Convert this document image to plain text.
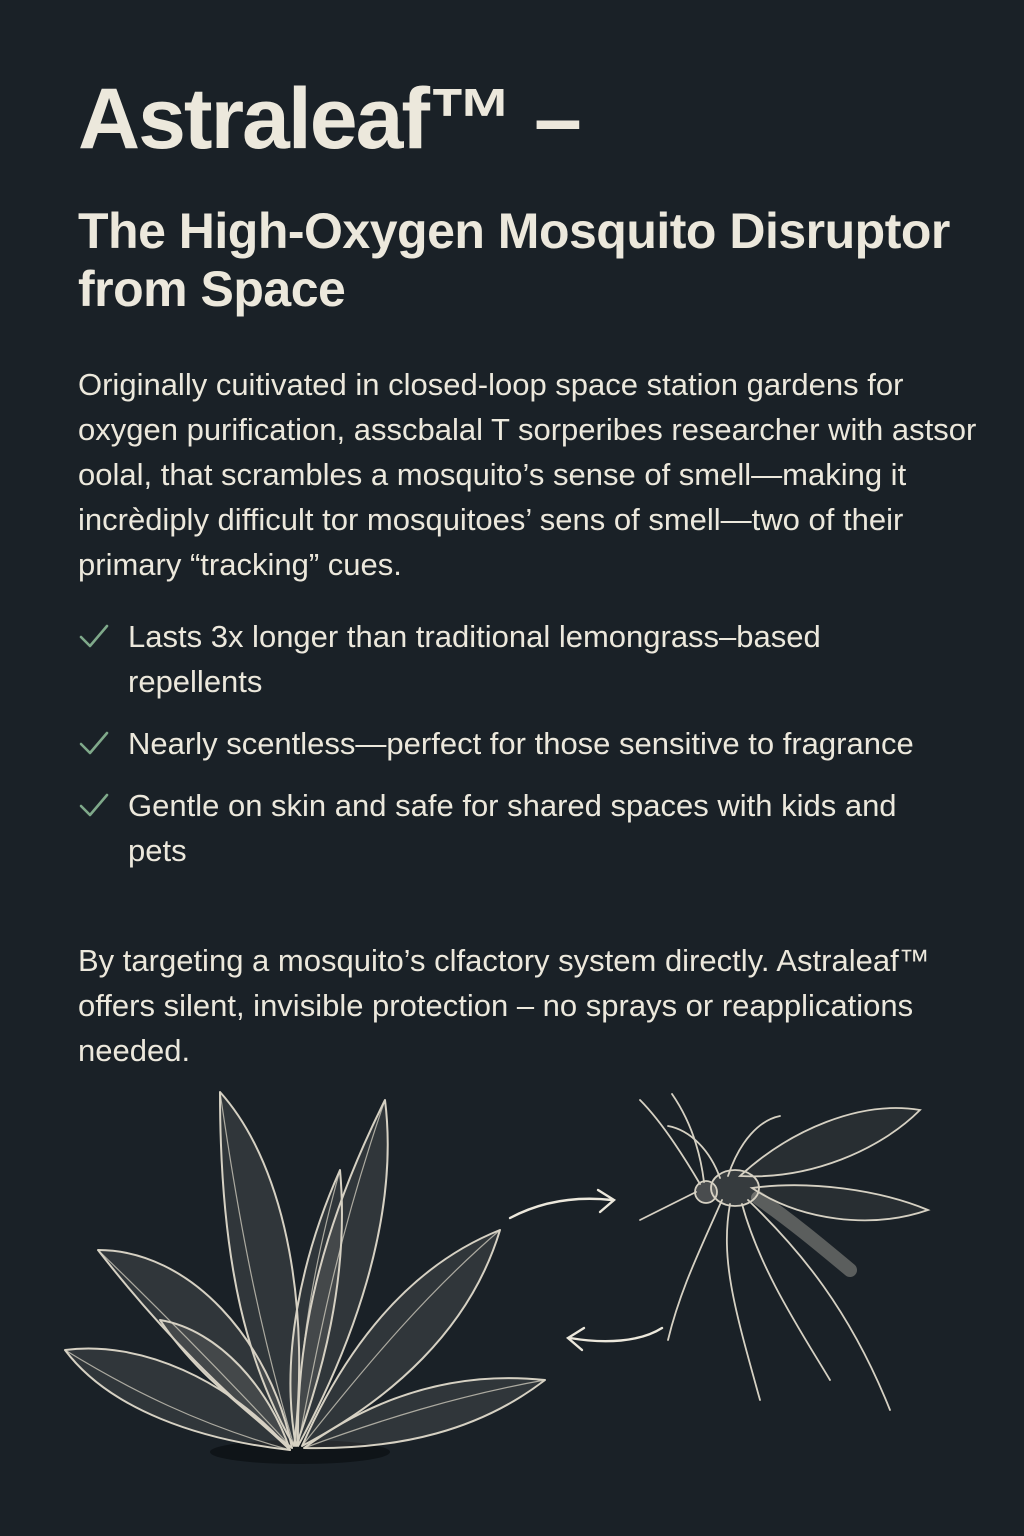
Astraleaf™ –
The High-Oxygen Mosquito Disruptor from Space

Originally cuitivated in closed-loop space station gardens for oxygen purification, asscbalal T sorperibes researcher with astsor oolal, that scrambles a mosquito’s sense of smell—making it incrèdiply difficult tor mosquitoes’ sens of smell—two of their primary “tracking” cues.

Lasts 3x longer than traditional lemongrass–based repellents
Nearly scentless—perfect for those sensitive to fragrance
Gentle on skin and safe for shared spaces with kids and pets

By targeting a mosquito’s clfactory system directly. Astraleaf™ offers silent, invisible protection – no sprays or reapplications needed.
